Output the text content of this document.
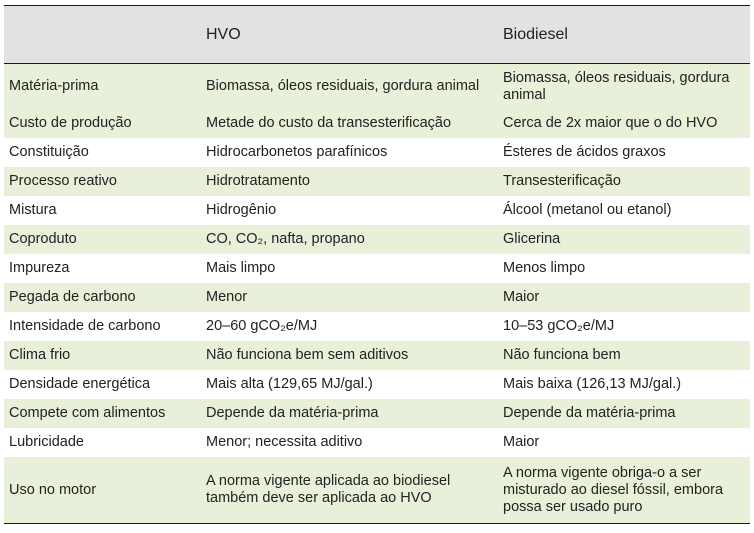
	HVO	Biodiesel
Matéria-prima	Biomassa, óleos residuais, gordura animal	Biomassa, óleos residuais, gordura animal
Custo de produção	Metade do custo da transesterificação	Cerca de 2x maior que o do HVO
Constituição	Hidrocarbonetos parafínicos	Ésteres de ácidos graxos
Processo reativo	Hidrotratamento	Transesterificação
Mistura	Hidrogênio	Álcool (metanol ou etanol)
Coproduto	CO, CO₂, nafta, propano	Glicerina
Impureza	Mais limpo	Menos limpo
Pegada de carbono	Menor	Maior
Intensidade de carbono	20–60 gCO₂e/MJ	10–53 gCO₂e/MJ
Clima frio	Não funciona bem sem aditivos	Não funciona bem
Densidade energética	Mais alta (129,65 MJ/gal.)	Mais baixa (126,13 MJ/gal.)
Compete com alimentos	Depende da matéria-prima	Depende da matéria-prima
Lubricidade	Menor; necessita aditivo	Maior
Uso no motor	A norma vigente aplicada ao biodiesel também deve ser aplicada ao HVO	A norma vigente obriga-o a ser misturado ao diesel fóssil, embora possa ser usado puro
